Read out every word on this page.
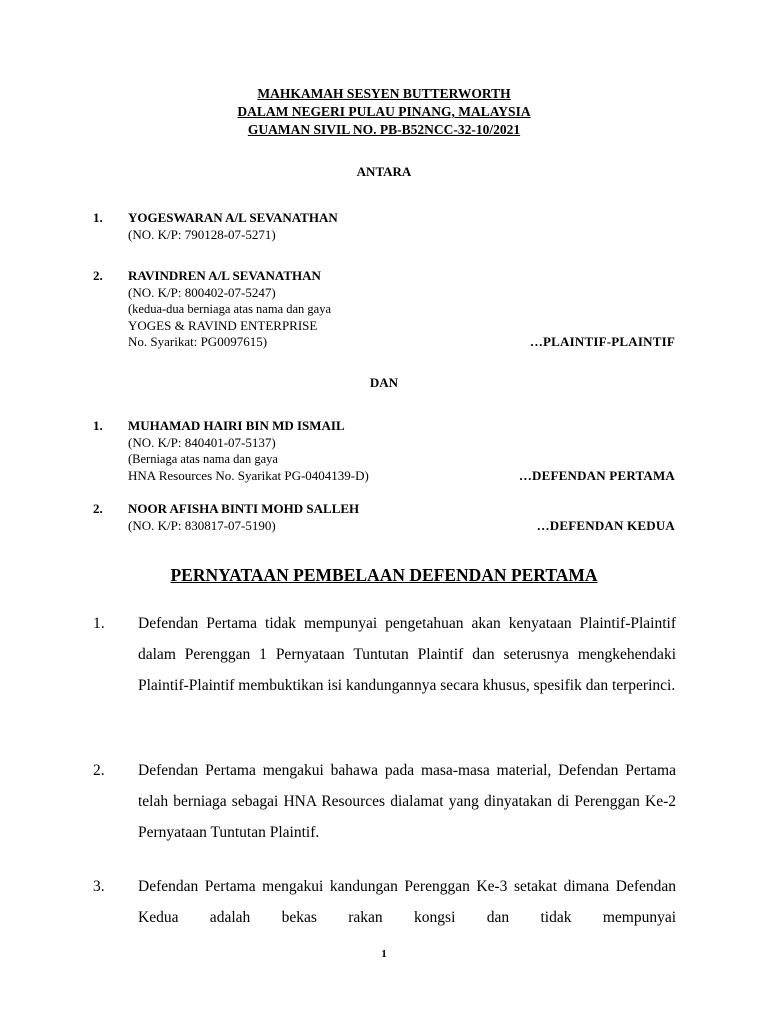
MAHKAMAH SESYEN BUTTERWORTH
DALAM NEGERI PULAU PINANG, MALAYSIA
GUAMAN SIVIL NO. PB-B52NCC-32-10/2021
ANTARA
1. YOGESWARAN A/L SEVANATHAN
(NO. K/P: 790128-07-5271)
2. RAVINDREN A/L SEVANATHAN
(NO. K/P: 800402-07-5247)
(kedua-dua berniaga atas nama dan gaya
YOGES & RAVIND ENTERPRISE
No. Syarikat: PG0097615)	…PLAINTIF-PLAINTIF
DAN
1. MUHAMAD HAIRI BIN MD ISMAIL
(NO. K/P: 840401-07-5137)
(Berniaga atas nama dan gaya
HNA Resources No. Syarikat PG-0404139-D)	…DEFENDAN PERTAMA
2. NOOR AFISHA BINTI MOHD SALLEH
(NO. K/P: 830817-07-5190)	…DEFENDAN KEDUA
PERNYATAAN PEMBELAAN DEFENDAN PERTAMA
1. Defendan Pertama tidak mempunyai pengetahuan akan kenyataan Plaintif-Plaintif dalam Perenggan 1 Pernyataan Tuntutan Plaintif dan seterusnya mengkehendaki Plaintif-Plaintif membuktikan isi kandungannya secara khusus, spesifik dan terperinci.
2. Defendan Pertama mengakui bahawa pada masa-masa material, Defendan Pertama telah berniaga sebagai HNA Resources dialamat yang dinyatakan di Perenggan Ke-2 Pernyataan Tuntutan Plaintif.
3. Defendan Pertama mengakui kandungan Perenggan Ke-3 setakat dimana Defendan Kedua adalah bekas rakan kongsi dan tidak mempunyai
1
